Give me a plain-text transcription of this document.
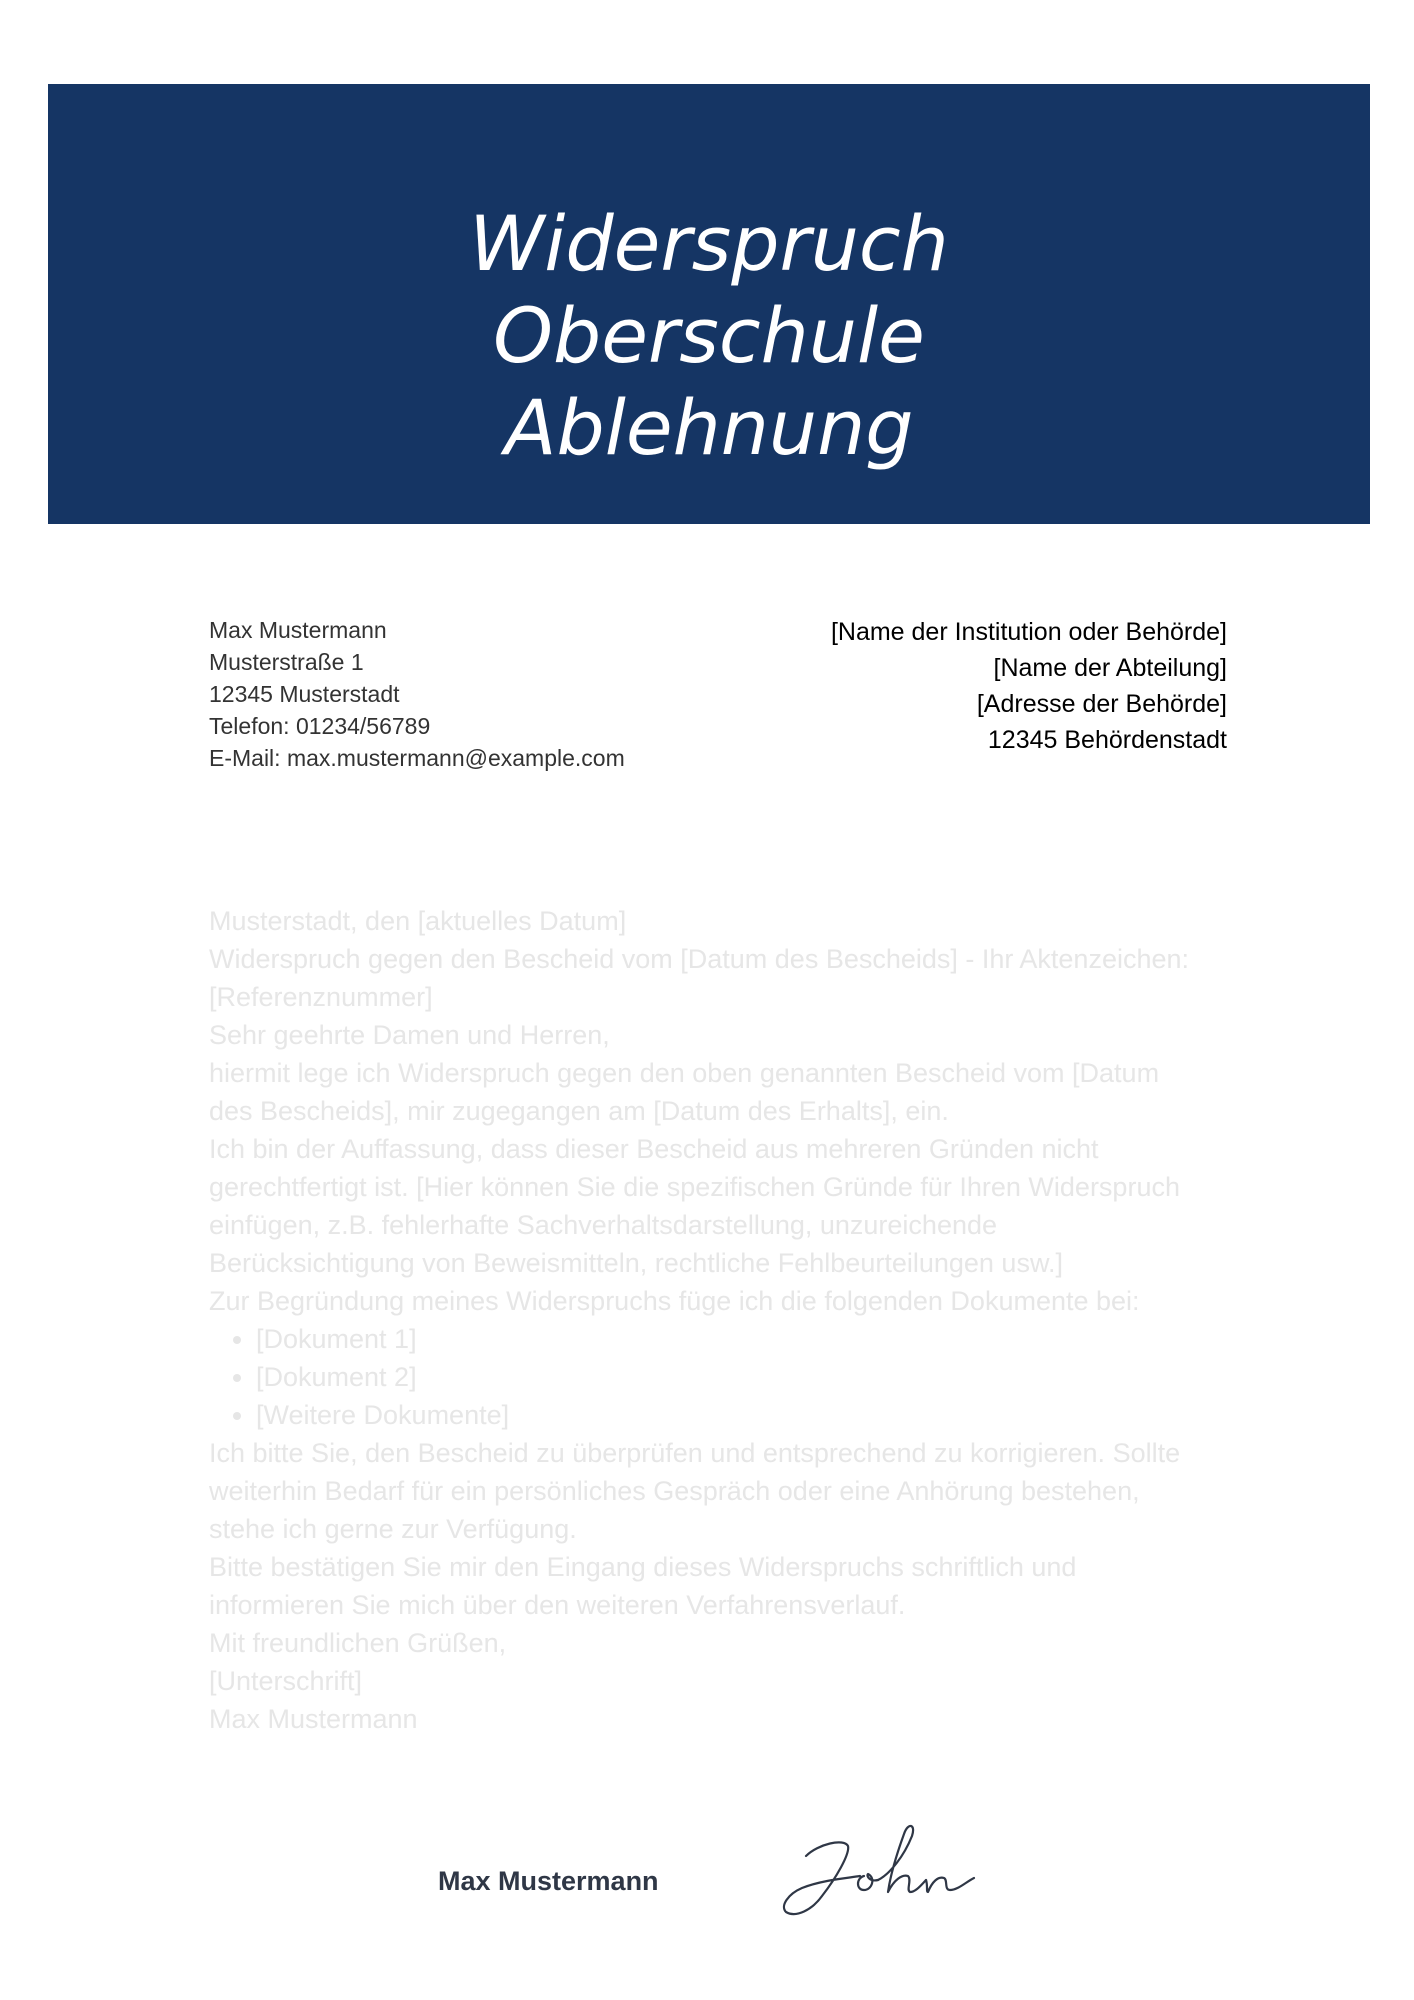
Widerspruch
Oberschule
Ablehnung
Max Mustermann
Musterstraße 1
12345 Musterstadt
Telefon: 01234/56789
E-Mail: max.mustermann@example.com
[Name der Institution oder Behörde]
[Name der Abteilung]
[Adresse der Behörde]
12345 Behördenstadt

Musterstadt, den [aktuelles Datum]

Widerspruch gegen den Bescheid vom [Datum des Bescheids] - Ihr Aktenzeichen: [Referenznummer]

Sehr geehrte Damen und Herren,

hiermit lege ich Widerspruch gegen den oben genannten Bescheid vom [Datum des Bescheids], mir zugegangen am [Datum des Erhalts], ein.

Ich bin der Auffassung, dass dieser Bescheid aus mehreren Gründen nicht gerechtfertigt ist. [Hier können Sie die spezifischen Gründe für Ihren Widerspruch einfügen, z.B. fehlerhafte Sachverhaltsdarstellung, unzureichende Berücksichtigung von Beweismitteln, rechtliche Fehlbeurteilungen usw.]

Zur Begründung meines Widerspruchs füge ich die folgenden Dokumente bei:

• [Dokument 1]
• [Dokument 2]
• [Weitere Dokumente]

Ich bitte Sie, den Bescheid zu überprüfen und entsprechend zu korrigieren. Sollte weiterhin Bedarf für ein persönliches Gespräch oder eine Anhörung bestehen, stehe ich gerne zur Verfügung.

Bitte bestätigen Sie mir den Eingang dieses Widerspruchs schriftlich und informieren Sie mich über den weiteren Verfahrensverlauf.

Mit freundlichen Grüßen,

[Unterschrift]

Max Mustermann

Max Mustermann
